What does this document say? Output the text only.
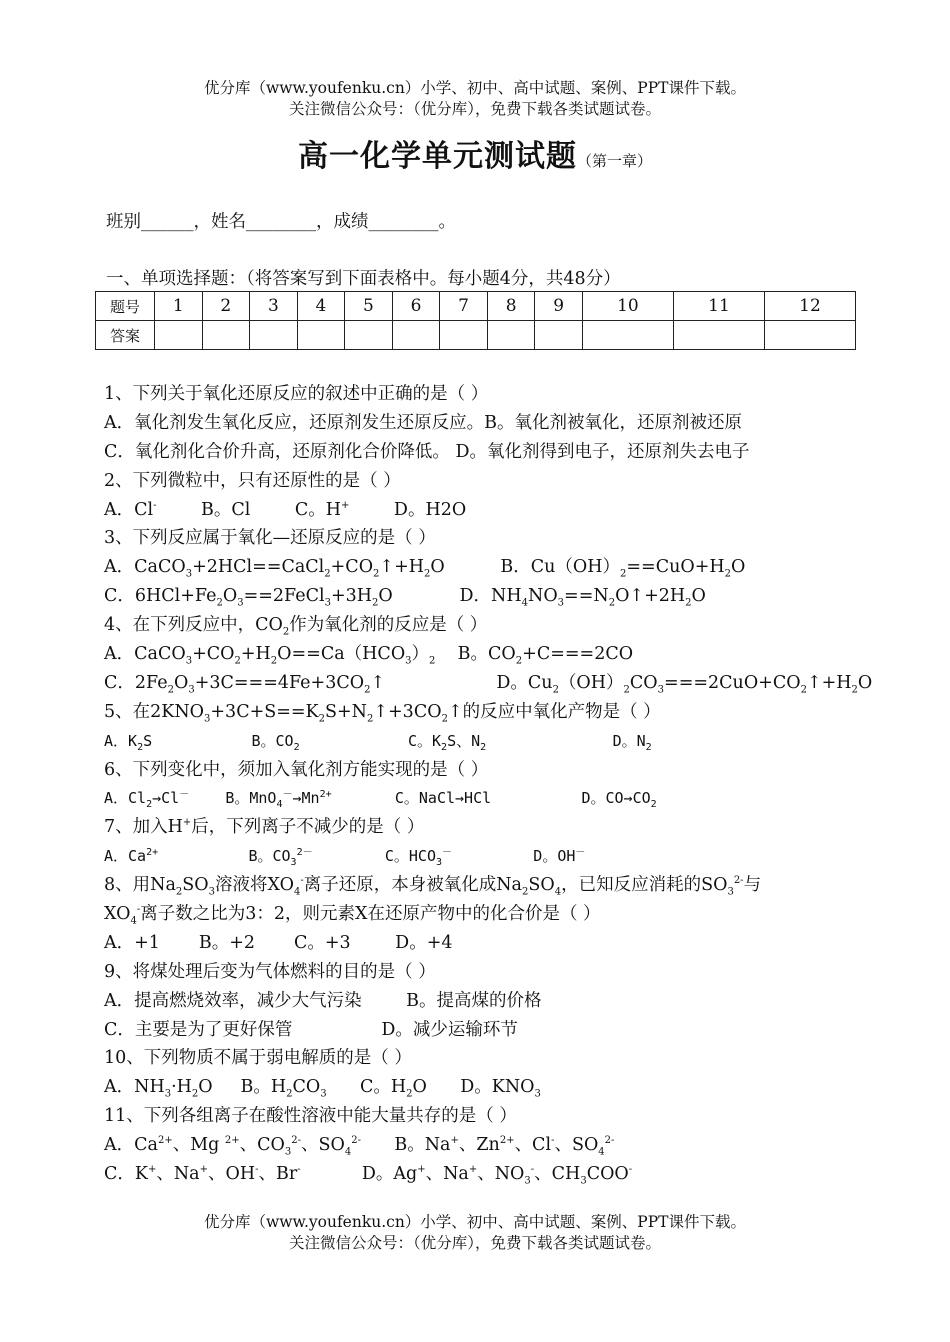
优分库（www.youfenku.cn）小学、初中、高中试题、案例、PPT课件下载。
关注微信公众号：（优分库），免费下载各类试题试卷。
高一化学单元测试题（第一章）
班别______，姓名________，成绩________。
一、单项选择题：（将答案写到下面表格中。每小题4分，共48分）
题号	1	2	3	4	5	6	7	8	9	10	11	12
答案												
1、下列关于氧化还原反应的叙述中正确的是（ ）
A．氧化剂发生氧化反应，还原剂发生还原反应。B。氧化剂被氧化，还原剂被还原
C．氧化剂化合价升高，还原剂化合价降低。 D。氧化剂得到电子，还原剂失去电子
2、下列微粒中，只有还原性的是（ ）
A．Cl-        B。Cl        C。H+        D。H2O
3、下列反应属于氧化—还原反应的是（ ）
A．$CaCO_3+2HCl==CaCl_2+CO_2↑+H_2O$          B．$Cu(OH)_2==CuO+H_2O$
C．$6HCl+Fe_2O_3==2FeCl_3+3H_2O$            D．$NH_4NO_3==N_2O↑+2H_2O$
4、在下列反应中，$CO_2$作为氧化剂的反应是（ ）
A．$CaCO_3+CO_2+H_2O==Ca(HCO_3)_2$    B。$CO_2+C===2CO$
C．$2Fe_2O_3+3C===4Fe+3CO_2↑$                    D。$Cu_2(OH)_2CO_3===2CuO+CO_2↑+H_2O$
5、在$2KNO_3+3C+S==K_2S+N_2↑+3CO_2↑$的反应中氧化产物是（ ）
A．$K_2S$           B。$CO_2$            C。$K_2S$、$N_2$              D。$N_2$
6、下列变化中，须加入氧化剂方能实现的是（ ）
A．$Cl_2\to Cl^-$    B。$MnO_4^-\to Mn^{2+}$       C。NaCl→HCl          D。$CO\to CO_2$
7、加入H+后，下列离子不减少的是（ ）
A．$Ca^{2+}$          B。$CO_3^{2-}$        C。$HCO_3^-$         D。OH－
8、用$Na_2SO_3$溶液将$XO_4^-$离子还原，本身被氧化成$Na_2SO_4$，已知反应消耗的$SO_3^{2-}$与
$XO_4^-$离子数之比为3：2，则元素X在还原产物中的化合价是（ ）
A．+1       B。+2       C。+3        D。+4
9、将煤处理后变为气体燃料的目的是（ ）
A．提高燃烧效率，减少大气污染        B。提高煤的价格
C．主要是为了更好保管                D。减少运输环节
10、下列物质不属于弱电解质的是（ ）
A．$NH_3\cdot H_2O$     B。$H_2CO_3$      C。$H_2O$      D。$KNO_3$
11、下列各组离子在酸性溶液中能大量共存的是（ ）
A．$Ca^{2+}$、Mg $^{2+}$、$CO_3^{2-}$、$SO_4^{2-}$      B。Na+、$Zn^{2+}$、Cl-、$SO_4^{2-}$
C．K+、Na+、OH-、Br-           D。Ag+、Na+、$NO_3^-$、$CH_3COO^-$
优分库（www.youfenku.cn）小学、初中、高中试题、案例、PPT课件下载。
关注微信公众号：（优分库），免费下载各类试题试卷。
